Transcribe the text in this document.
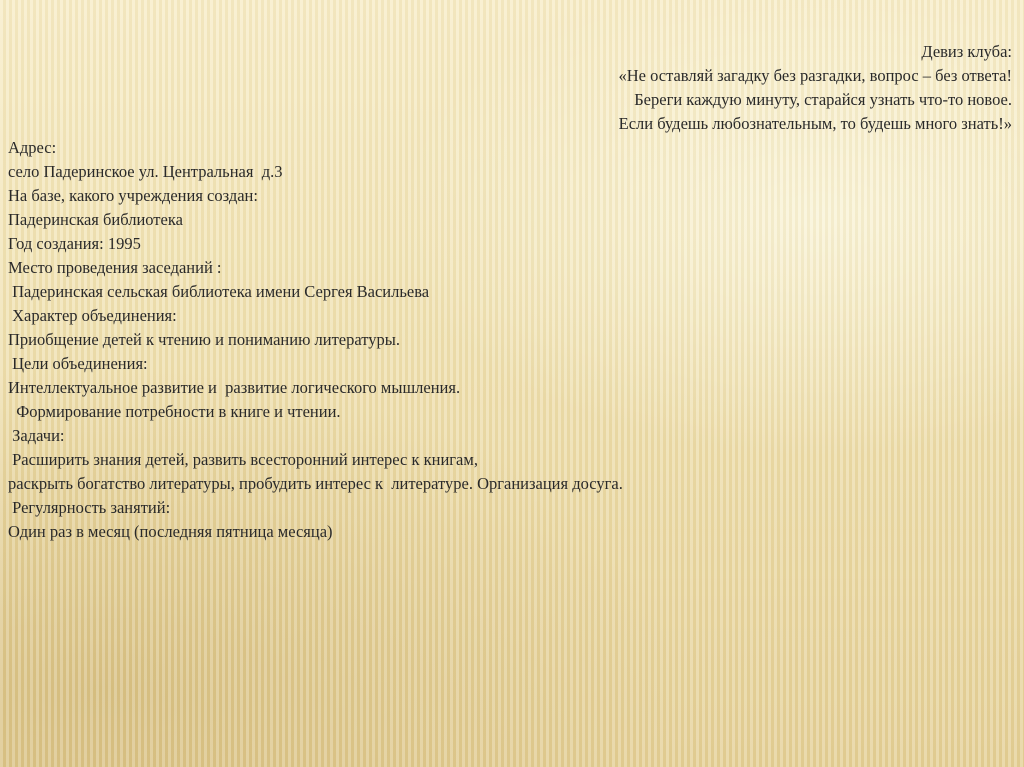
Девиз клуба:
«Не оставляй загадку без разгадки, вопрос – без ответа!
Береги каждую минуту, старайся узнать что-то новое.
Если будешь любознательным, то будешь много знать!»
Адрес:
село Падеринское ул. Центральная  д.3
На базе, какого учреждения создан:
Падеринская библиотека
Год создания: 1995
Место проведения заседаний :
Падеринская сельская библиотека имени Сергея Васильева
Характер объединения:
Приобщение детей к чтению и пониманию литературы.
Цели объединения:
Интеллектуальное развитие и  развитие логического мышления.
Формирование потребности в книге и чтении.
Задачи:
Расширить знания детей, развить всесторонний интерес к книгам,
раскрыть богатство литературы, пробудить интерес к  литературе. Организация досуга.
Регулярность занятий:
Один раз в месяц (последняя пятница месяца)
